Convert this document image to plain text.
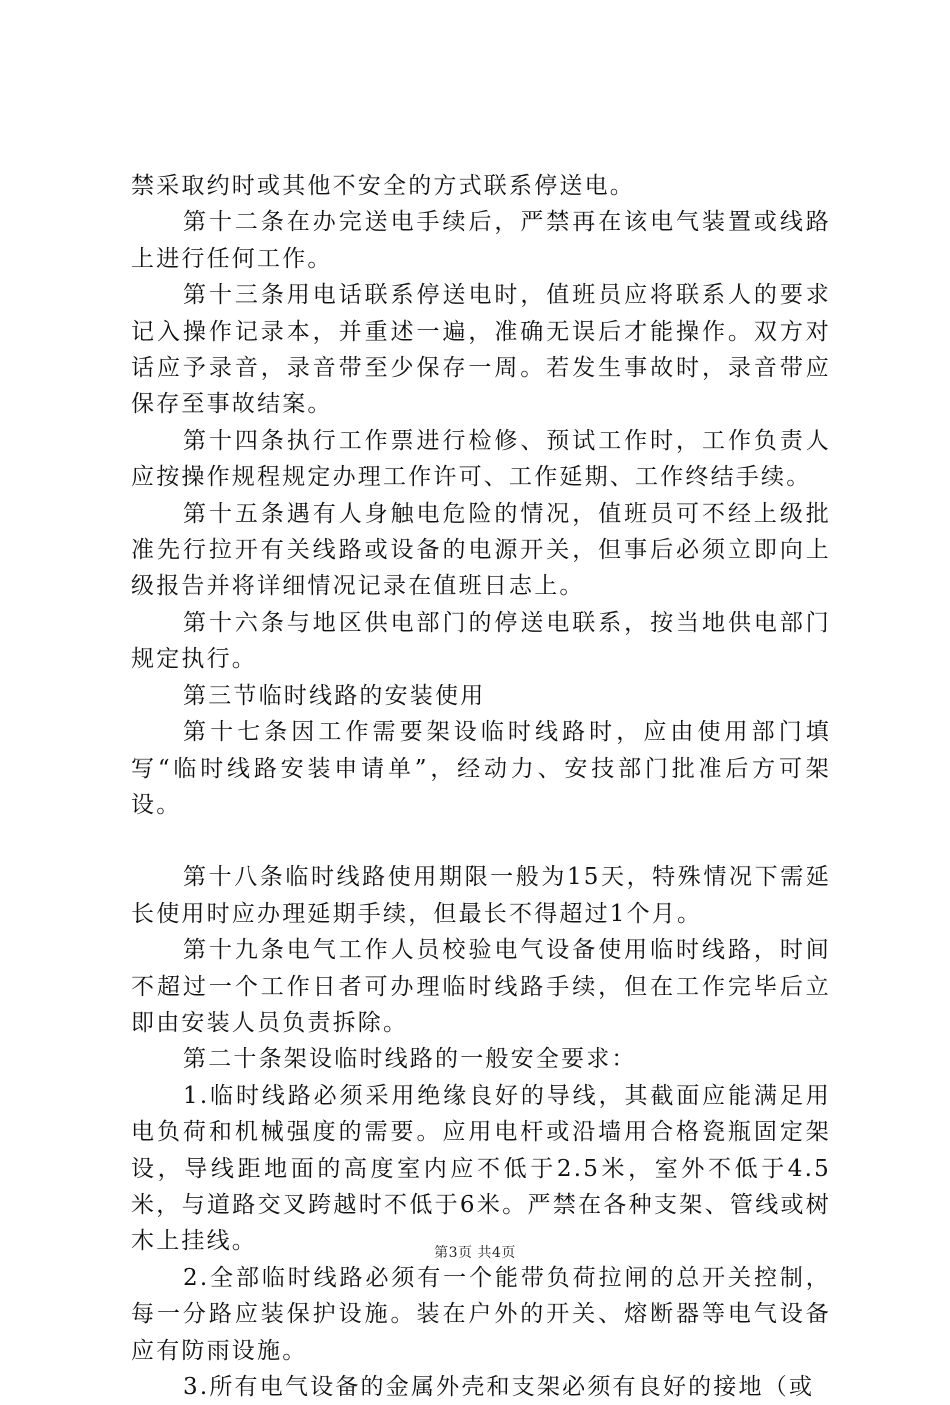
禁采取约时或其他不安全的方式联系停送电。

第十二条在办完送电手续后，严禁再在该电气装置或线路上进行任何工作。

第十三条用电话联系停送电时，值班员应将联系人的要求记入操作记录本，并重述一遍，准确无误后才能操作。双方对话应予录音，录音带至少保存一周。若发生事故时，录音带应保存至事故结案。

第十四条执行工作票进行检修、预试工作时，工作负责人应按操作规程规定办理工作许可、工作延期、工作终结手续。

第十五条遇有人身触电危险的情况，值班员可不经上级批准先行拉开有关线路或设备的电源开关，但事后必须立即向上级报告并将详细情况记录在值班日志上。

第十六条与地区供电部门的停送电联系，按当地供电部门规定执行。

第三节临时线路的安装使用

第十七条因工作需要架设临时线路时，应由使用部门填写“临时线路安装申请单”，经动力、安技部门批准后方可架设。

第十八条临时线路使用期限一般为15天，特殊情况下需延长使用时应办理延期手续，但最长不得超过1个月。

第十九条电气工作人员校验电气设备使用临时线路，时间不超过一个工作日者可办理临时线路手续，但在工作完毕后立即由安装人员负责拆除。

第二十条架设临时线路的一般安全要求：

1.临时线路必须采用绝缘良好的导线，其截面应能满足用电负荷和机械强度的需要。应用电杆或沿墙用合格瓷瓶固定架设，导线距地面的高度室内应不低于2.5米，室外不低于4.5米，与道路交叉跨越时不低于6米。严禁在各种支架、管线或树木上挂线。

2.全部临时线路必须有一个能带负荷拉闸的总开关控制，每一分路应装保护设施。装在户外的开关、熔断器等电气设备应有防雨设施。

3.所有电气设备的金属外壳和支架必须有良好的接地（或

第3页 共4页
